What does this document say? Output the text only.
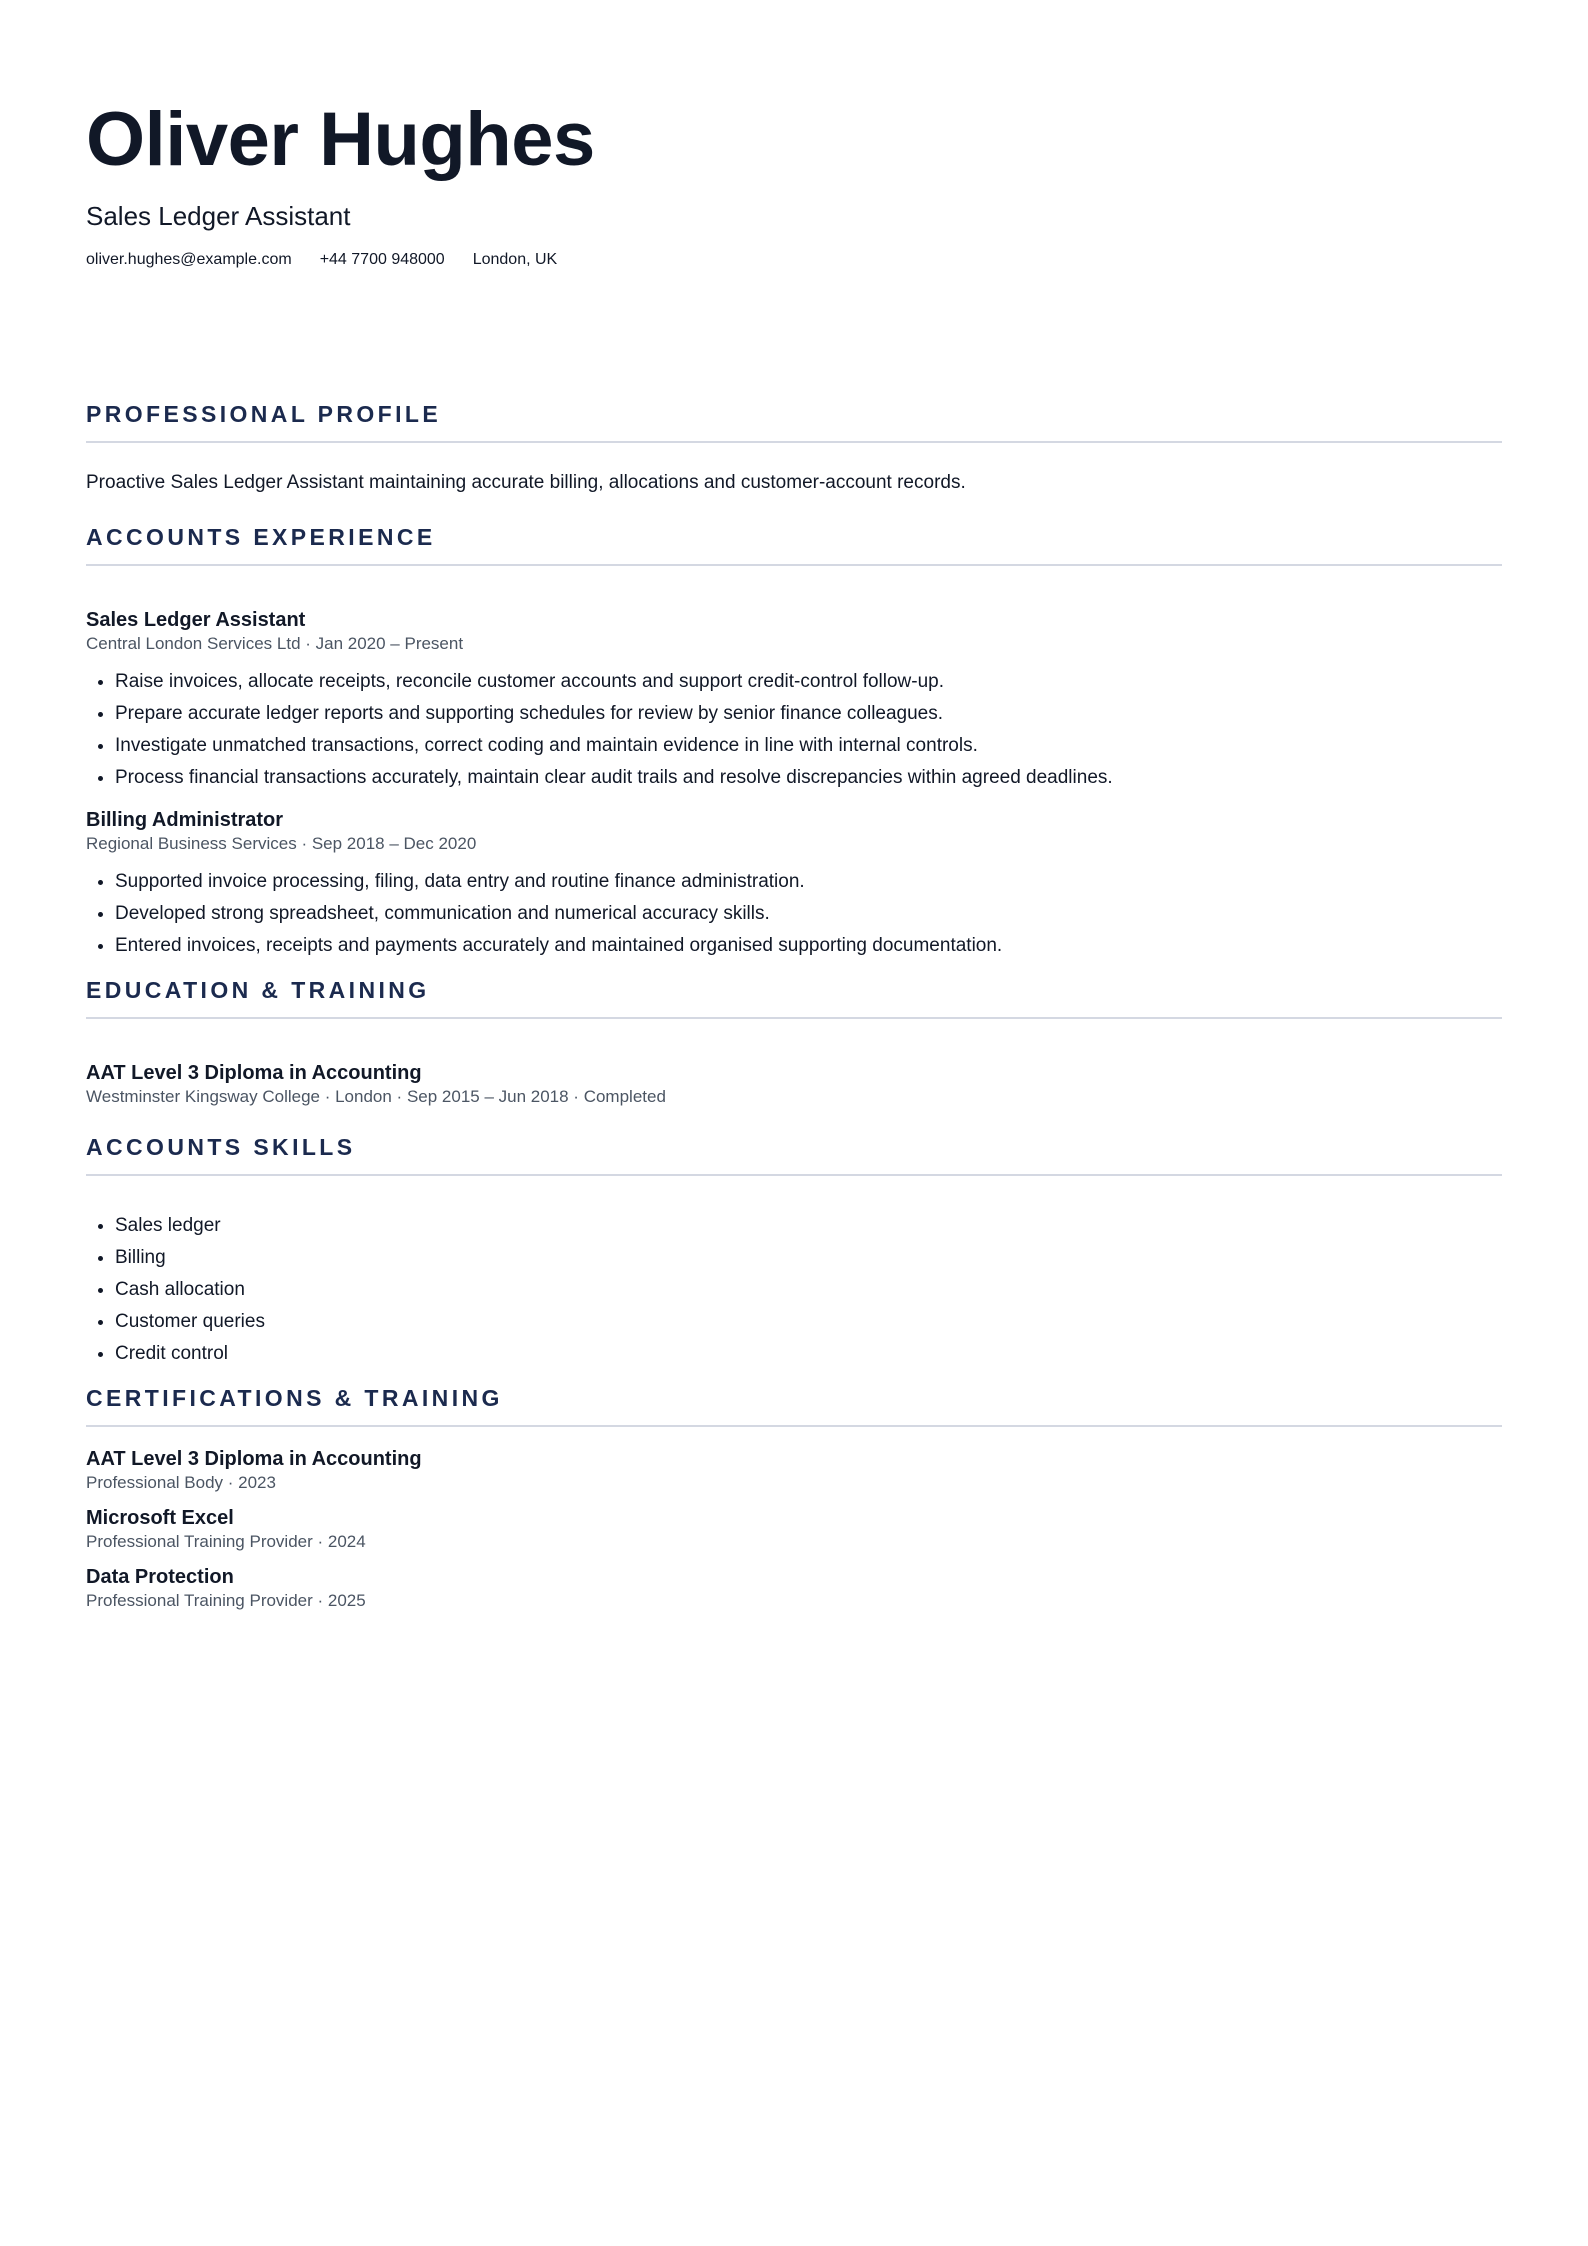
Oliver Hughes
Sales Ledger Assistant
oliver.hughes@example.com +44 7700 948000 London, UK
PROFESSIONAL PROFILE

Proactive Sales Ledger Assistant maintaining accurate billing, allocations and customer-account records.

ACCOUNTS EXPERIENCE
Sales Ledger Assistant
Central London Services Ltd · Jan 2020 – Present
• Raise invoices, allocate receipts, reconcile customer accounts and support credit-control follow-up.
• Prepare accurate ledger reports and supporting schedules for review by senior finance colleagues.
• Investigate unmatched transactions, correct coding and maintain evidence in line with internal controls.
• Process financial transactions accurately, maintain clear audit trails and resolve discrepancies within agreed deadlines.
Billing Administrator
Regional Business Services · Sep 2018 – Dec 2020
• Supported invoice processing, filing, data entry and routine finance administration.
• Developed strong spreadsheet, communication and numerical accuracy skills.
• Entered invoices, receipts and payments accurately and maintained organised supporting documentation.
EDUCATION & TRAINING
AAT Level 3 Diploma in Accounting
Westminster Kingsway College · London · Sep 2015 – Jun 2018 · Completed
ACCOUNTS SKILLS
• Sales ledger
• Billing
• Cash allocation
• Customer queries
• Credit control
CERTIFICATIONS & TRAINING
AAT Level 3 Diploma in Accounting
Professional Body · 2023
Microsoft Excel
Professional Training Provider · 2024
Data Protection
Professional Training Provider · 2025
